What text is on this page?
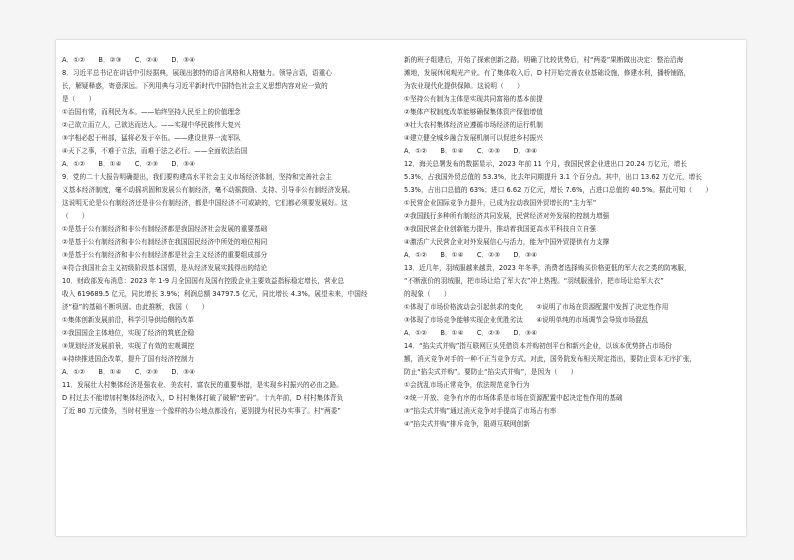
A．①②　　B．②③　　C．②④　　D．③④
8．习近平总书记在讲话中引经据典，展现出独特的语言风格和人格魅力。领导言语，语重心
长，解疑释惑，寄意深远。下列用典与习近平新时代中国特色社会主义思想内容对应一致的
是（　　）
①治国有常，而利民为本。——始终坚持人民至上的价值理念
②己欲立而立人，己欲达而达人。——实现中华民族伟大复兴
③宇相必起于州部，猛将必发于卒伍。——建设世界一流军队
④天下之事，不难于立法，而难于法之必行。——全面依法治国
A．①②　　B．①④　　C．②③　　D．③④
9．党的二十大报告明确提出，我们要构建高水平社会主义市场经济体制，坚持和完善社会主
义基本经济制度，毫不动摇巩固和发展公有制经济，毫不动摇鼓励、支持、引导非公有制经济发展。
这说明无论是公有制经济还是非公有制经济，都是中国经济不可或缺的，它们都必须要发展好。这
（　　）
①是基于公有制经济和非公有制经济都是我国经济社会发展的重要基础
②是基于公有制经济和非公有制经济在我国国民经济中所处的地位相同
③是基于公有制经济和非公有制经济都是社会主义经济的重要组成部分
④符合我国社会主义初级阶段基本国情，是从经济发展实践得出的结论
10．财政部发布消息：2023 年 1-9 月全国国有及国有控股企业主要效益指标稳定增长，营业总
收入 619689.5 亿元，同比增长 3.9%；利润总额 34797.5 亿元，同比增长 4.3%。展望未来，中国经
济“稳”的基础不断巩固。由此推断，我国（　　）
①集体创新发展前沿，科学引导供给侧的改革
②我国国企主体地位，实现了经济的筑底企稳
③规划经济发展前景，实现了有效的宏观调控
④持续推进国企改革，提升了国有经济控制力
A．①②　　B．①④　　C．②③　　D．③④
11．发展壮大村集体经济是强农业、美农村、富农民的重要举措，是实现乡村振兴的必由之路。
D 村过去不能增加村集体经济收入，D 村村集体打破了破解“密码”。十九年前，D 村村集体背负
了近 80 万元债务，当时村里连一个像样的办公地点都没有，更别提为村民办实事了。村“两委”
新的班子组建后，开始了探索创新之路。明确了比较优势后，村“两委”果断做出决定：整治沿海
滩地，发展休闲观光产业。有了集体收入后，D 村开始完善农业基础设施，修建水利，播桥铺路，
为农业现代化提供保障。这说明（　　）
①坚持公有制为主体是实现共同富裕的基本前提
②集体产权制度改革能够确保集体资产保值增值
③壮大农村集体经济应遵循市场经济的运行机制
④建立健全城乡融合发展机制可以促进乡村振兴
A．①②　　B．①④　　C．②③　　D．③④
12．海关总署发布的数据显示，2023 年前 11 个月，我国民营企业进出口 20.24 万亿元，增长
5.3%，占我国外贸总值的 53.3%，比去年同期提升 3.1 个百分点。其中，出口 13.62 万亿元，增长
5.3%，占出口总值的 63%；进口 6.62 万亿元，增长 7.6%，占进口总值的 40.5%。据此可知（　　）
①民营企业国际竞争力提升，已成为拉动我国外贸增长的“主力军”
②我国践行多种所有制经济共同发展，民营经济对外发展的控制力增强
③我国民营企业创新能力提升，推动着我国更高水平科技自立自强
④激活广大民营企业对外发展信心与活力，能为中国外贸提供有力支撑
A．①②　　B．①④　　C．②③　　D．③④
13．近几年，羽绒服越来越贵，2023 年冬季，消费者选择购买价格更低的军大衣之类的防寒服，
“不断涨价的羽绒服，把市场让给了军大衣”冲上热搜。“羽绒服涨价，把市场让给军大衣”
的现象（　　）
①体现了市场价格波动会引起供求的变化　　②说明了市场在资源配置中发挥了决定性作用
③体现了市场竞争能够实现企业优胜劣汰　　④说明单纯的市场调节会导致市场混乱
A．①②　　B．①④　　C．②③　　D．③④
14．“掐尖式并购”指互联网巨头凭借资本并购初创平台和新兴企业，以该本优势挤占市场份
额，消灭竞争对手的一种不正当竞争方式。对此，国务院发布相关规定指出，要防止资本无序扩张，
防止“掐尖式并购”。要防止“掐尖式并购”，是因为（　　）
①会扰乱市场正常竞争，依法规范竞争行为
②统一开放、竞争有序的市场体系是市场在资源配置中起决定性作用的基础
③“掐尖式并购”通过消灭竞争对手提高了市场占有率
④“掐尖式并购”排斥竞争，阻碍互联网创新
